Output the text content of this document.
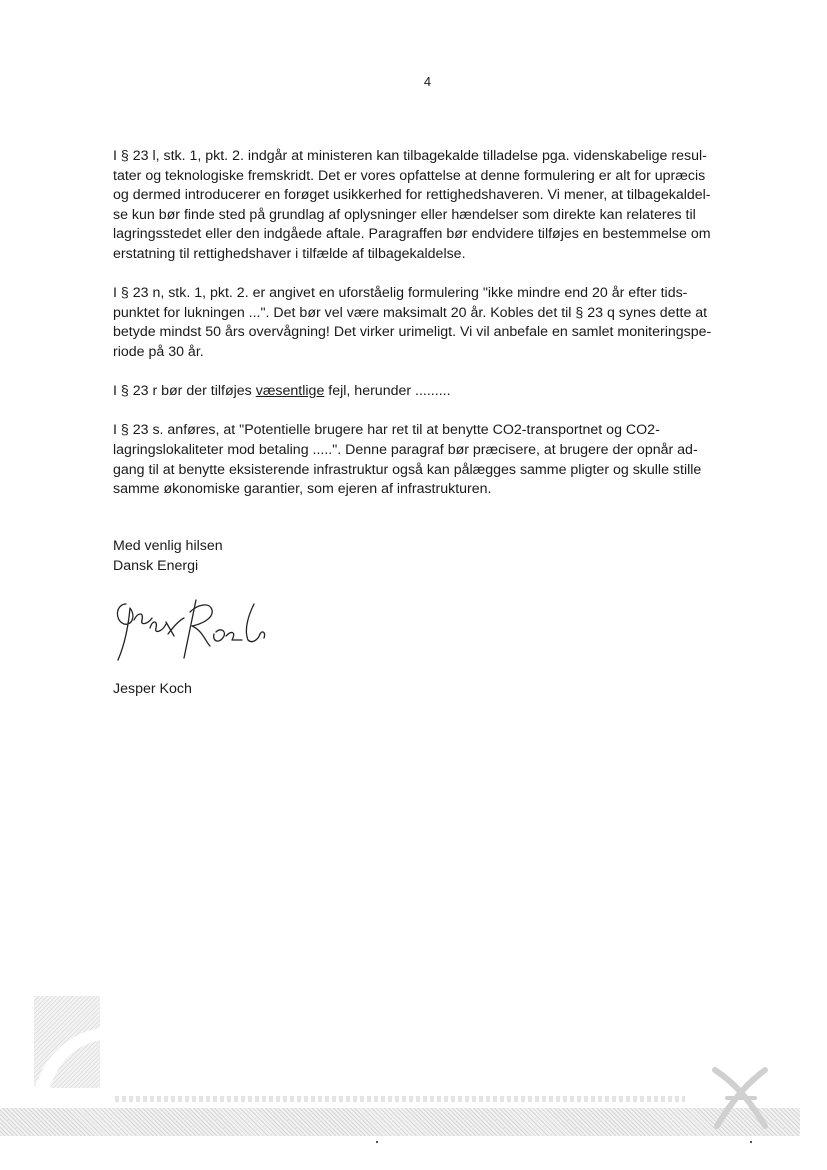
4

I § 23 l, stk. 1, pkt. 2. indgår at ministeren kan tilbagekalde tilladelse pga. videnskabelige resul-
tater og teknologiske fremskridt. Det er vores opfattelse at denne formulering er alt for upræcis
og dermed introducerer en forøget usikkerhed for rettighedshaveren. Vi mener, at tilbagekaldel-
se kun bør finde sted på grundlag af oplysninger eller hændelser som direkte kan relateres til
lagringsstedet eller den indgåede aftale. Paragraffen bør endvidere tilføjes en bestemmelse om
erstatning til rettighedshaver i tilfælde af tilbagekaldelse.

I § 23 n, stk. 1, pkt. 2. er angivet en uforståelig formulering "ikke mindre end 20 år efter tids-
punktet for lukningen ...". Det bør vel være maksimalt 20 år. Kobles det til § 23 q synes dette at
betyde mindst 50 års overvågning! Det virker urimeligt. Vi vil anbefale en samlet moniteringspe-
riode på 30 år.

I § 23 r bør der tilføjes væsentlige fejl, herunder .........

I § 23 s. anføres, at "Potentielle brugere har ret til at benytte CO2-transportnet og CO2-
lagringslokaliteter mod betaling .....". Denne paragraf bør præcisere, at brugere der opnår ad-
gang til at benytte eksisterende infrastruktur også kan pålægges samme pligter og skulle stille
samme økonomiske garantier, som ejeren af infrastrukturen.

Med venlig hilsen
Dansk Energi
Jesper Koch
